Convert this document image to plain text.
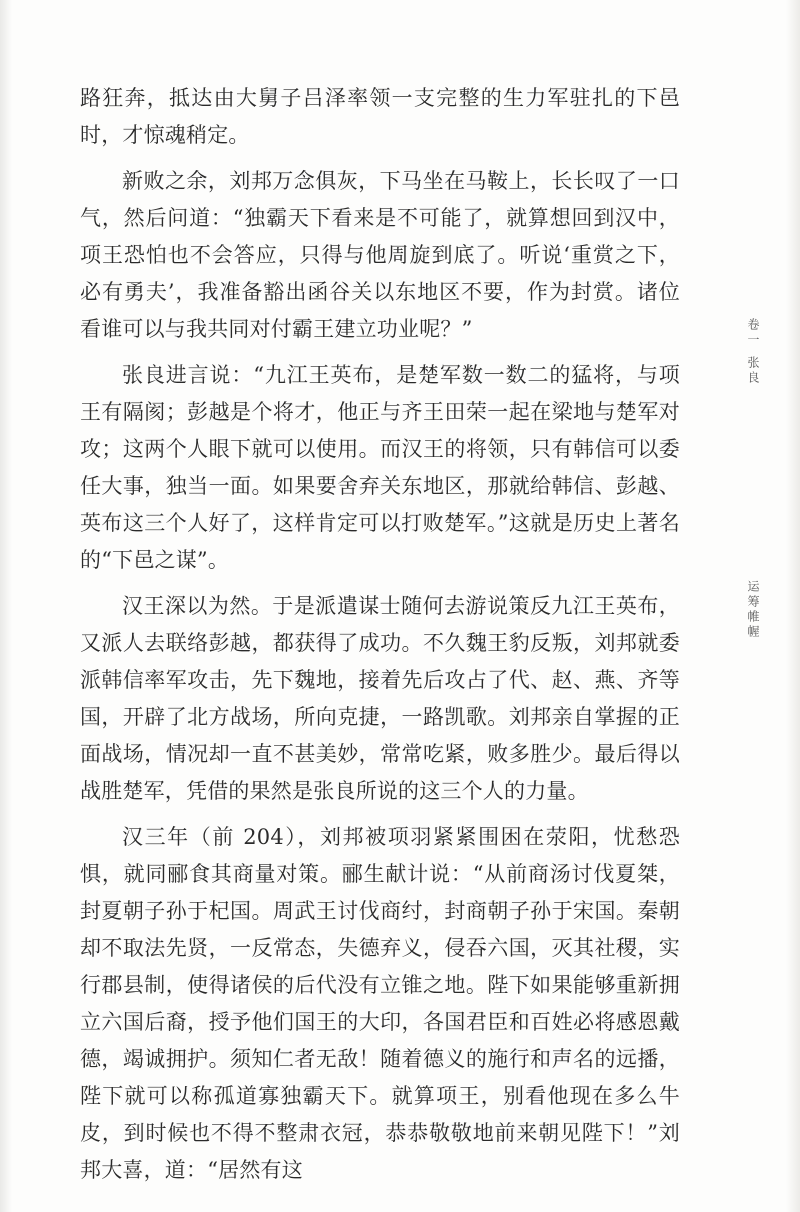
路狂奔，抵达由大舅子吕泽率领一支完整的生力军驻扎的下邑时，才惊魂稍定。

新败之余，刘邦万念俱灰，下马坐在马鞍上，长长叹了一口气，然后问道：“独霸天下看来是不可能了，就算想回到汉中，项王恐怕也不会答应，只得与他周旋到底了。听说‘重赏之下，必有勇夫’，我准备豁出函谷关以东地区不要，作为封赏。诸位看谁可以与我共同对付霸王建立功业呢？”

张良进言说：“九江王英布，是楚军数一数二的猛将，与项王有隔阂；彭越是个将才，他正与齐王田荣一起在梁地与楚军对攻；这两个人眼下就可以使用。而汉王的将领，只有韩信可以委任大事，独当一面。如果要舍弃关东地区，那就给韩信、彭越、英布这三个人好了，这样肯定可以打败楚军。”这就是历史上著名的“下邑之谋”。

汉王深以为然。于是派遣谋士随何去游说策反九江王英布，又派人去联络彭越，都获得了成功。不久魏王豹反叛，刘邦就委派韩信率军攻击，先下魏地，接着先后攻占了代、赵、燕、齐等国，开辟了北方战场，所向克捷，一路凯歌。刘邦亲自掌握的正面战场，情况却一直不甚美妙，常常吃紧，败多胜少。最后得以战胜楚军，凭借的果然是张良所说的这三个人的力量。

汉三年（前 204），刘邦被项羽紧紧围困在荥阳，忧愁恐惧，就同郦食其商量对策。郦生献计说：“从前商汤讨伐夏桀，封夏朝子孙于杞国。周武王讨伐商纣，封商朝子孙于宋国。秦朝却不取法先贤，一反常态，失德弃义，侵吞六国，灭其社稷，实行郡县制，使得诸侯的后代没有立锥之地。陛下如果能够重新拥立六国后裔，授予他们国王的大印，各国君臣和百姓必将感恩戴德，竭诚拥护。须知仁者无敌！随着德义的施行和声名的远播，陛下就可以称孤道寡独霸天下。就算项王，别看他现在多么牛皮，到时候也不得不整肃衣冠，恭恭敬敬地前来朝见陛下！”刘邦大喜，道：“居然有这

卷一
张良
运筹帷幄
